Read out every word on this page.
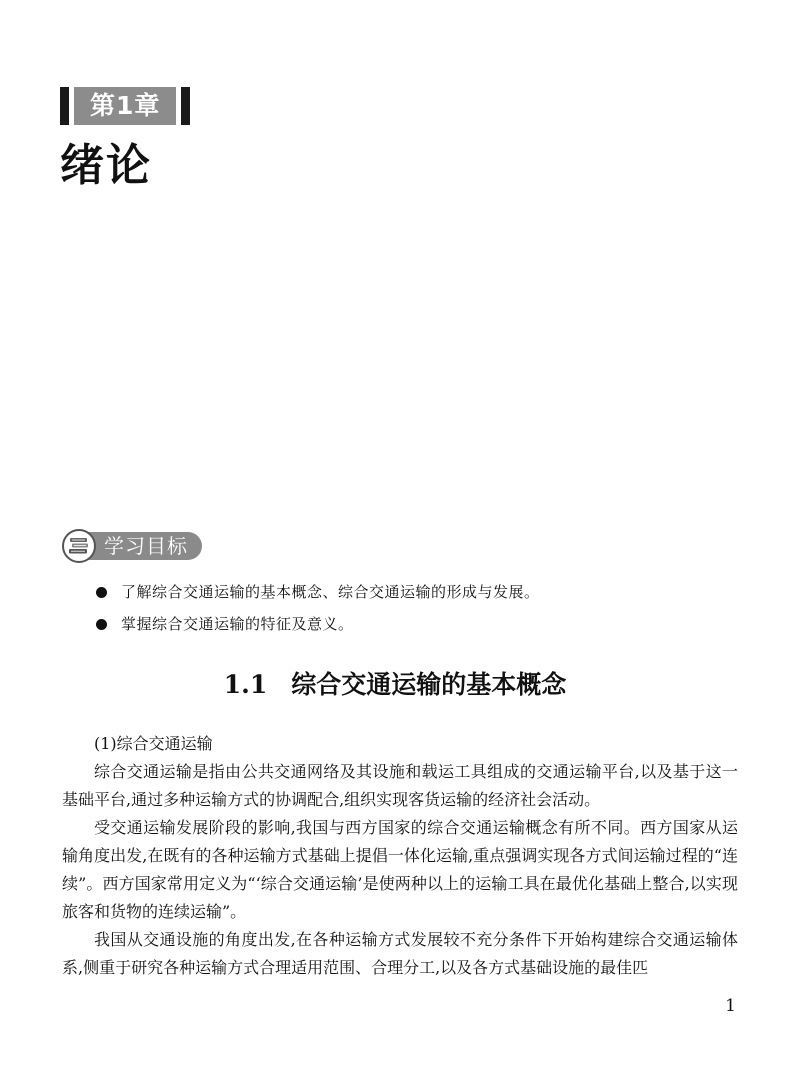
第1章
绪论
学习目标
了解综合交通运输的基本概念、综合交通运输的形成与发展。
掌握综合交通运输的特征及意义。
1.1 综合交通运输的基本概念

(1)综合交通运输

综合交通运输是指由公共交通网络及其设施和载运工具组成的交通运输平台,以及基于这一基础平台,通过多种运输方式的协调配合,组织实现客货运输的经济社会活动。

受交通运输发展阶段的影响,我国与西方国家的综合交通运输概念有所不同。西方国家从运输角度出发,在既有的各种运输方式基础上提倡一体化运输,重点强调实现各方式间运输过程的“连续”。西方国家常用定义为“‘综合交通运输’是使两种以上的运输工具在最优化基础上整合,以实现旅客和货物的连续运输”。

我国从交通设施的角度出发,在各种运输方式发展较不充分条件下开始构建综合交通运输体系,侧重于研究各种运输方式合理适用范围、合理分工,以及各方式基础设施的最佳匹

1
